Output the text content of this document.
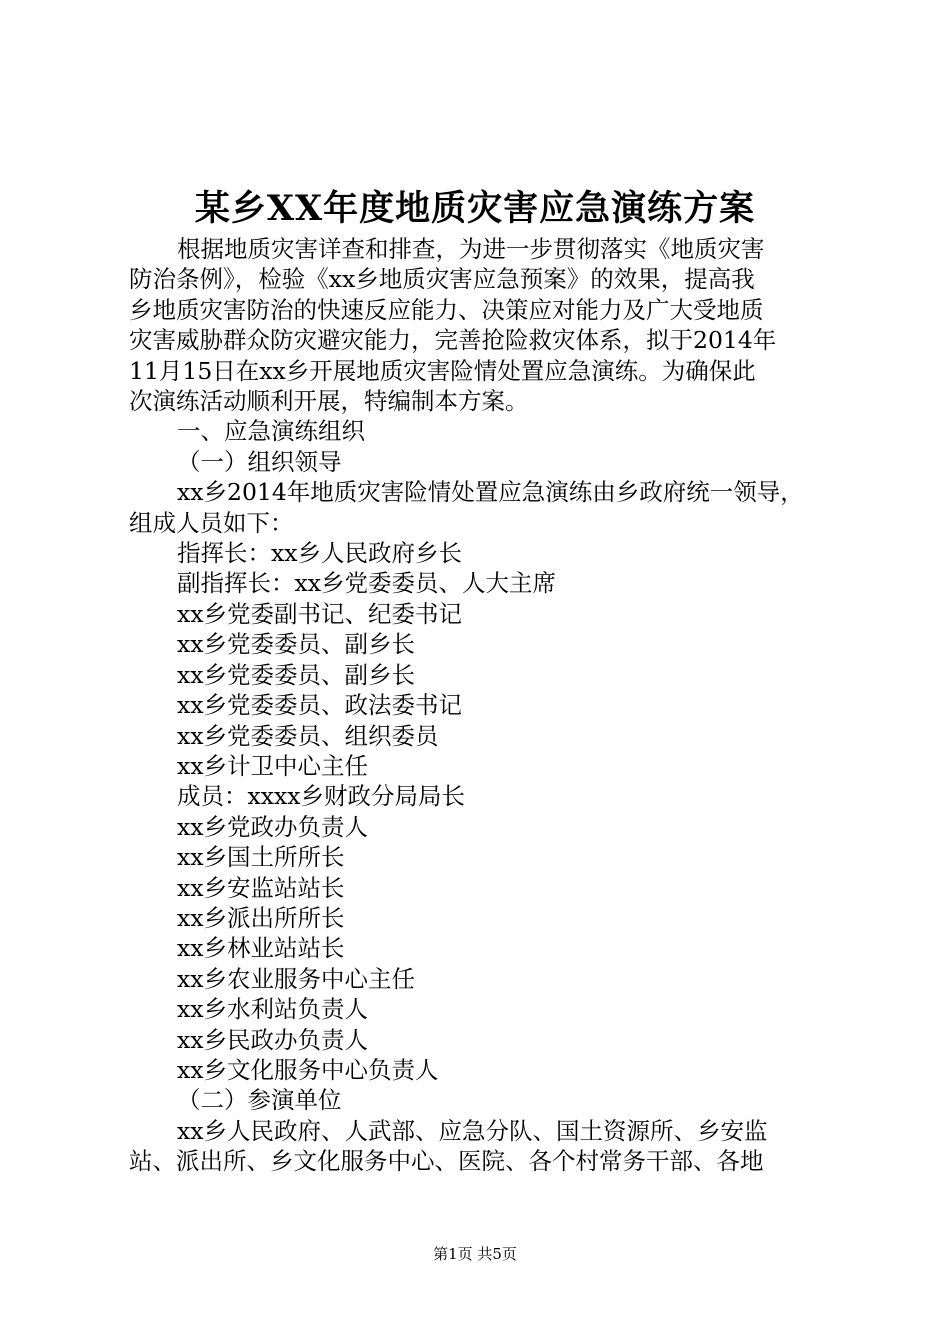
某乡XX年度地质灾害应急演练方案

根据地质灾害详查和排查，为进一步贯彻落实《地质灾害

防治条例》，检验《xx乡地质灾害应急预案》的效果，提高我

乡地质灾害防治的快速反应能力、决策应对能力及广大受地质

灾害威胁群众防灾避灾能力，完善抢险救灾体系，拟于2014年

11月15日在xx乡开展地质灾害险情处置应急演练。为确保此

次演练活动顺利开展，特编制本方案。

一、应急演练组织

（一）组织领导

xx乡2014年地质灾害险情处置应急演练由乡政府统一领导，

组成人员如下：

指挥长：xx乡人民政府乡长

副指挥长：xx乡党委委员、人大主席

xx乡党委副书记、纪委书记

xx乡党委委员、副乡长

xx乡党委委员、副乡长

xx乡党委委员、政法委书记

xx乡党委委员、组织委员

xx乡计卫中心主任

成员：xxxx乡财政分局局长

xx乡党政办负责人

xx乡国土所所长

xx乡安监站站长

xx乡派出所所长

xx乡林业站站长

xx乡农业服务中心主任

xx乡水利站负责人

xx乡民政办负责人

xx乡文化服务中心负责人

（二）参演单位

xx乡人民政府、人武部、应急分队、国土资源所、乡安监

站、派出所、乡文化服务中心、医院、各个村常务干部、各地

第1页 共5页
